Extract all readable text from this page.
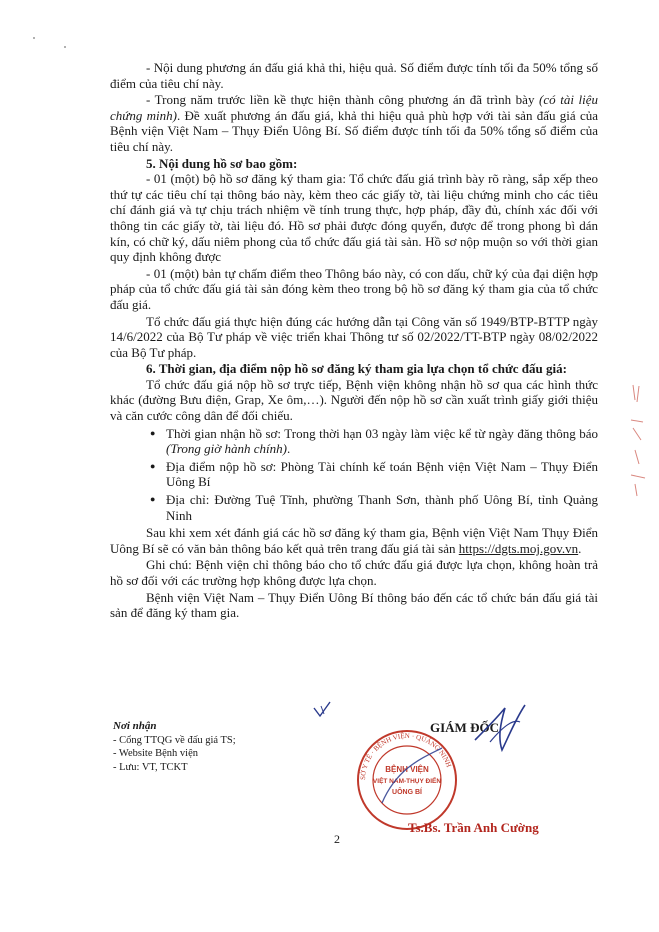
- Nội dung phương án đấu giá khả thi, hiệu quả. Số điểm được tính tối đa 50% tổng số điểm của tiêu chí này.

- Trong năm trước liền kề thực hiện thành công phương án đã trình bày (có tài liệu chứng minh). Đề xuất phương án đấu giá, khả thi hiệu quả phù hợp với tài sản đấu giá của Bệnh viện Việt Nam – Thụy Điển Uông Bí. Số điểm được tính tối đa 50% tổng số điểm của tiêu chí này.

5. Nội dung hồ sơ bao gồm:

- 01 (một) bộ hồ sơ đăng ký tham gia: Tổ chức đấu giá trình bày rõ ràng, sắp xếp theo thứ tự các tiêu chí tại thông báo này, kèm theo các giấy tờ, tài liệu chứng minh cho các tiêu chí đánh giá và tự chịu trách nhiệm về tính trung thực, hợp pháp, đầy đủ, chính xác đối với thông tin các giấy tờ, tài liệu đó. Hồ sơ phải được đóng quyển, được để trong phong bì dán kín, có chữ ký, dấu niêm phong của tổ chức đấu giá tài sản. Hồ sơ nộp muộn so với thời gian quy định không được

- 01 (một) bản tự chấm điểm theo Thông báo này, có con dấu, chữ ký của đại diện hợp pháp của tổ chức đấu giá tài sản đóng kèm theo trong bộ hồ sơ đăng ký tham gia của tổ chức đấu giá.

Tổ chức đấu giá thực hiện đúng các hướng dẫn tại Công văn số 1949/BTP-BTTP ngày 14/6/2022 của Bộ Tư pháp về việc triển khai Thông tư số 02/2022/TT-BTP ngày 08/02/2022 của Bộ Tư pháp.

6. Thời gian, địa điểm nộp hồ sơ đăng ký tham gia lựa chọn tổ chức đấu giá:

Tổ chức đấu giá nộp hồ sơ trực tiếp, Bệnh viện không nhận hồ sơ qua các hình thức khác (đường Bưu điện, Grap, Xe ôm,…). Người đến nộp hồ sơ cần xuất trình giấy giới thiệu và căn cước công dân để đối chiếu.

● Thời gian nhận hồ sơ: Trong thời hạn 03 ngày làm việc kể từ ngày đăng thông báo (Trong giờ hành chính).
● Địa điểm nộp hồ sơ: Phòng Tài chính kế toán Bệnh viện Việt Nam – Thụy Điển Uông Bí
● Địa chỉ: Đường Tuệ Tĩnh, phường Thanh Sơn, thành phố Uông Bí, tỉnh Quảng Ninh

Sau khi xem xét đánh giá các hồ sơ đăng ký tham gia, Bệnh viện Việt Nam Thụy Điển Uông Bí sẽ có văn bản thông báo kết quả trên trang đấu giá tài sản https://dgts.moj.gov.vn.

Ghi chú: Bệnh viện chỉ thông báo cho tổ chức đấu giá được lựa chọn, không hoàn trả hồ sơ đối với các trường hợp không được lựa chọn.

Bệnh viện Việt Nam – Thụy Điển Uông Bí thông báo đến các tổ chức bán đấu giá tài sản để đăng ký tham gia.

Nơi nhận
- Cổng TTQG về đấu giá TS;
- Website Bệnh viện
- Lưu: VT, TCKT
GIÁM ĐỐC
SỞ Y TẾ · BỆNH VIỆN · QUẢNG NINH
BỆNH VIỆN
VIỆT NAM-THỤY ĐIỂN
UÔNG BÍ
Ts.Bs. Trần Anh Cường
2
